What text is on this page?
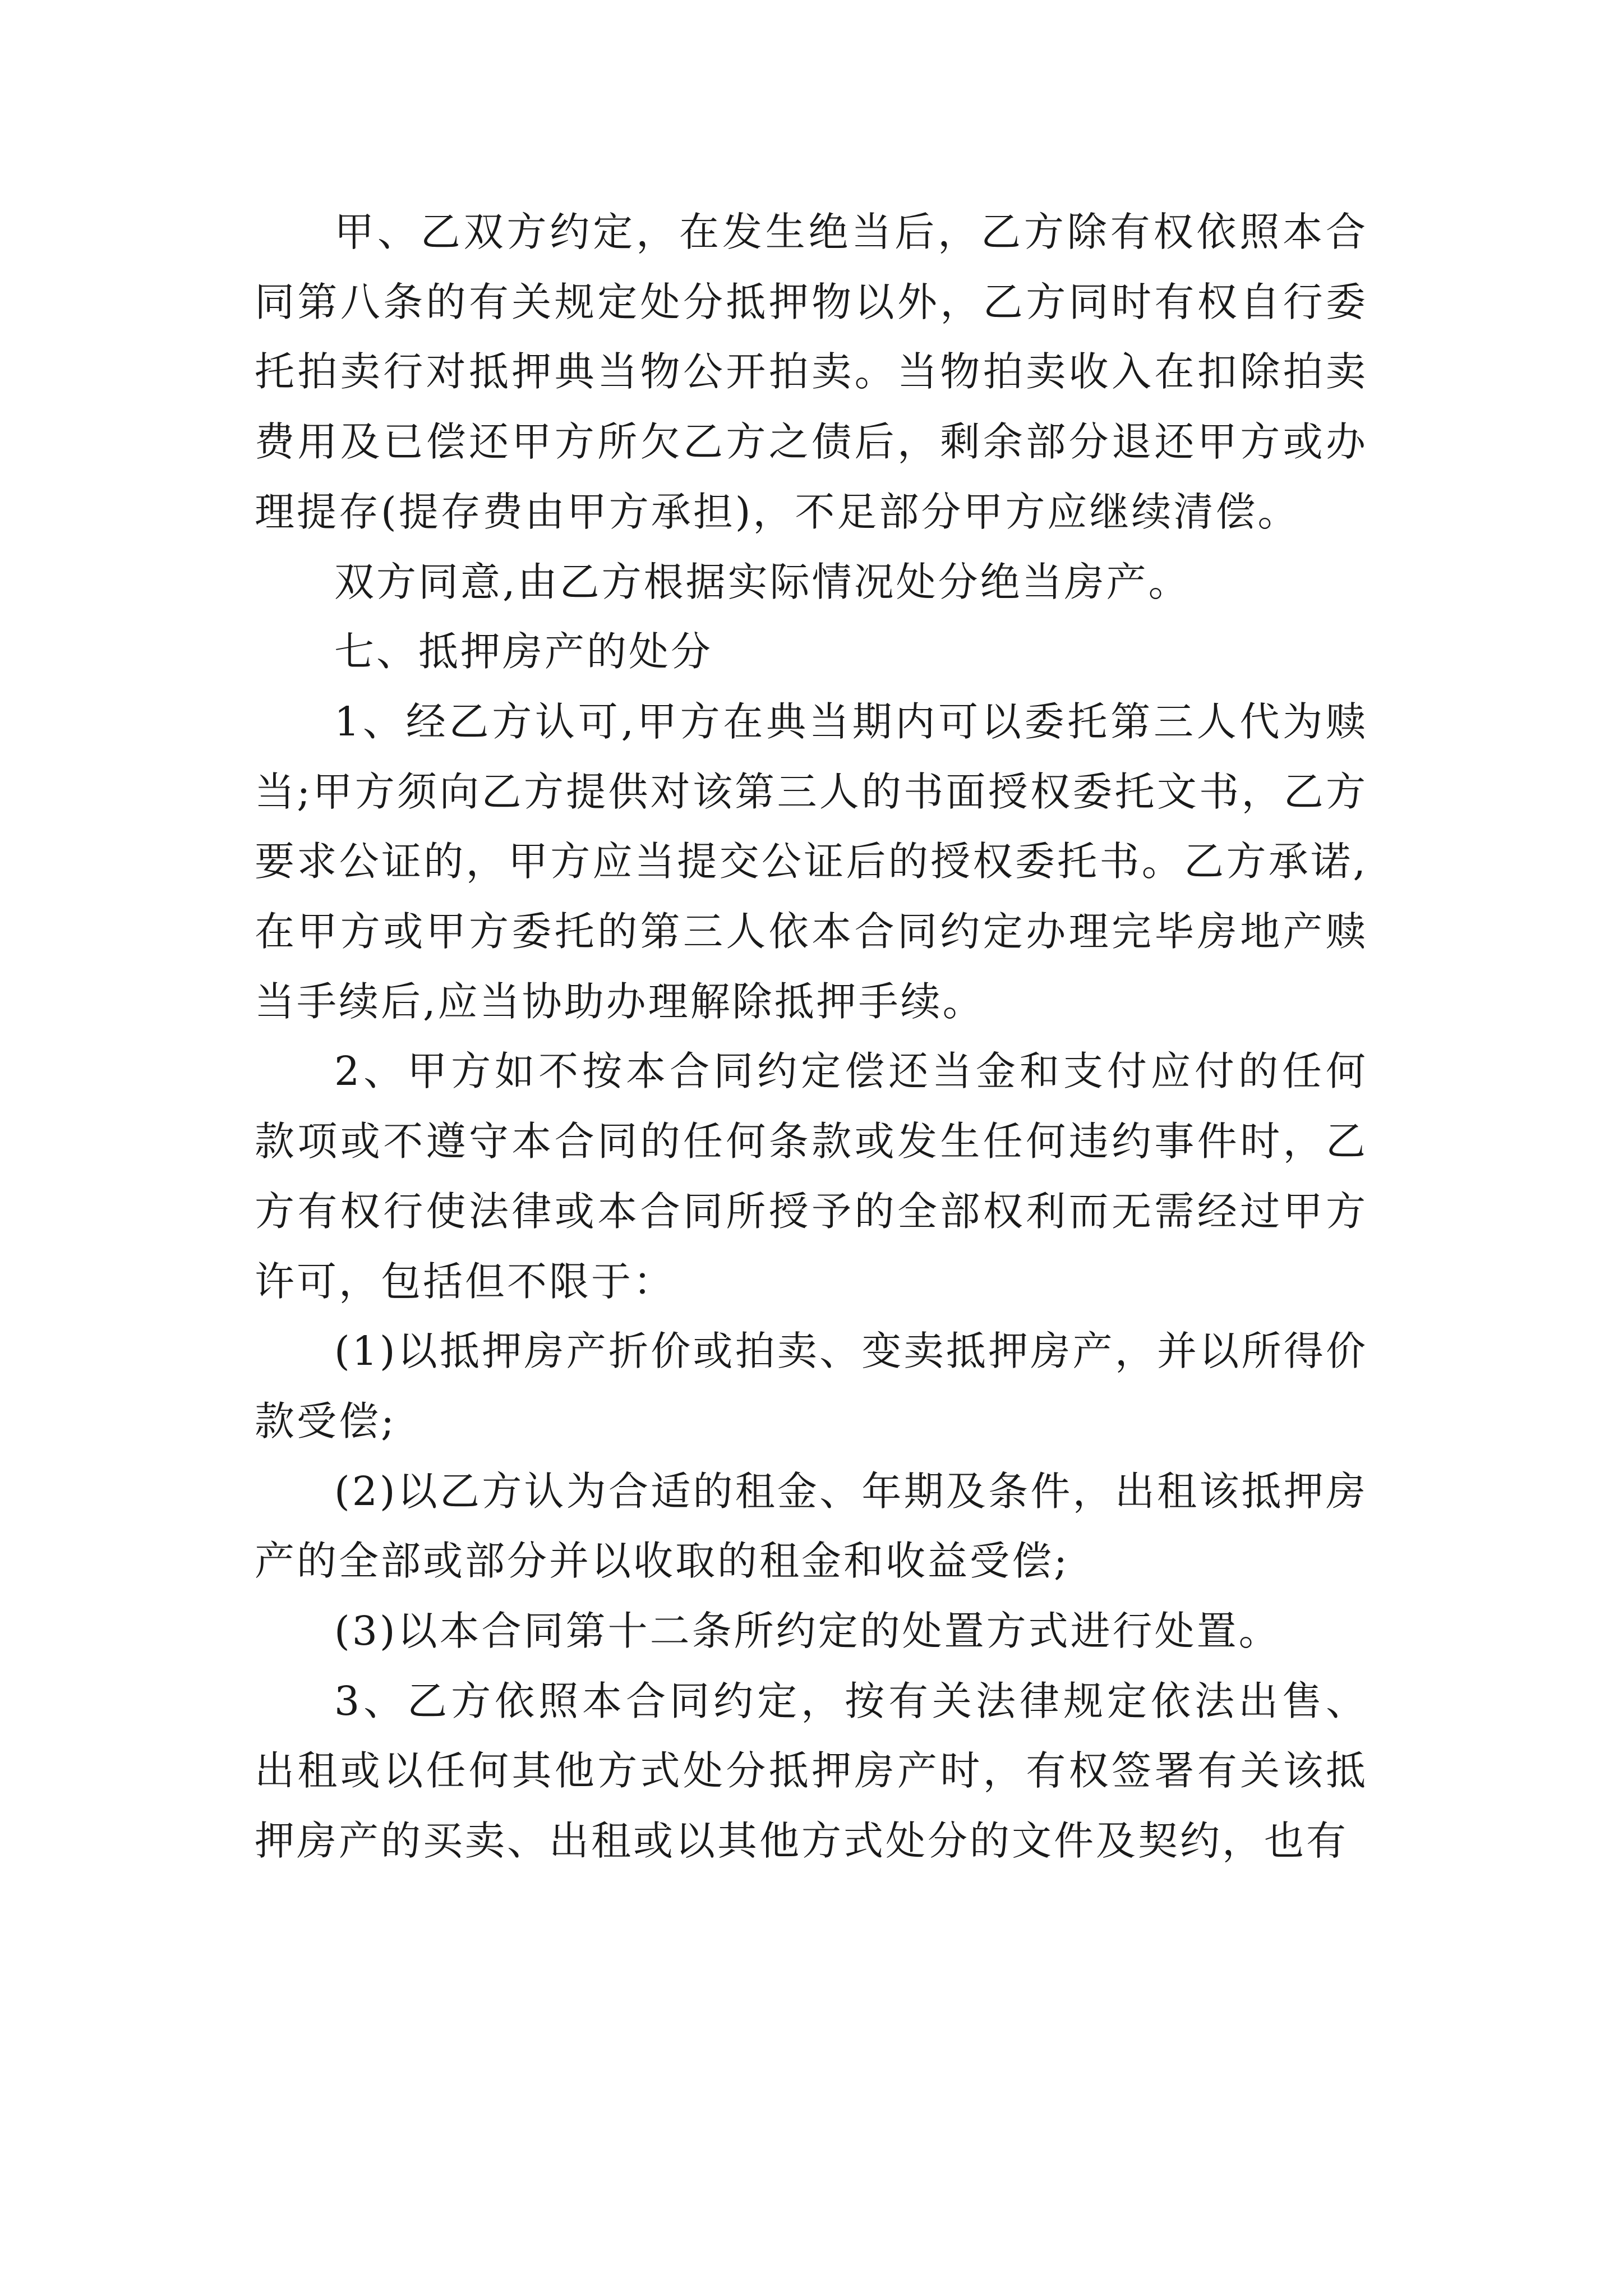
甲、乙双方约定，在发生绝当后，乙方除有权依照本合同第八条的有关规定处分抵押物以外，乙方同时有权自行委托拍卖行对抵押典当物公开拍卖。当物拍卖收入在扣除拍卖费用及已偿还甲方所欠乙方之债后，剩余部分退还甲方或办理提存(提存费由甲方承担)，不足部分甲方应继续清偿。

双方同意,由乙方根据实际情况处分绝当房产。

七、抵押房产的处分

1、经乙方认可,甲方在典当期内可以委托第三人代为赎当;甲方须向乙方提供对该第三人的书面授权委托文书，乙方要求公证的，甲方应当提交公证后的授权委托书。乙方承诺,在甲方或甲方委托的第三人依本合同约定办理完毕房地产赎当手续后,应当协助办理解除抵押手续。

2、甲方如不按本合同约定偿还当金和支付应付的任何款项或不遵守本合同的任何条款或发生任何违约事件时，乙方有权行使法律或本合同所授予的全部权利而无需经过甲方许可，包括但不限于：

(1)以抵押房产折价或拍卖、变卖抵押房产，并以所得价款受偿;

(2)以乙方认为合适的租金、年期及条件，出租该抵押房产的全部或部分并以收取的租金和收益受偿;

(3)以本合同第十二条所约定的处置方式进行处置。

3、乙方依照本合同约定，按有关法律规定依法出售、出租或以任何其他方式处分抵押房产时，有权签署有关该抵押房产的买卖、出租或以其他方式处分的文件及契约，也有
